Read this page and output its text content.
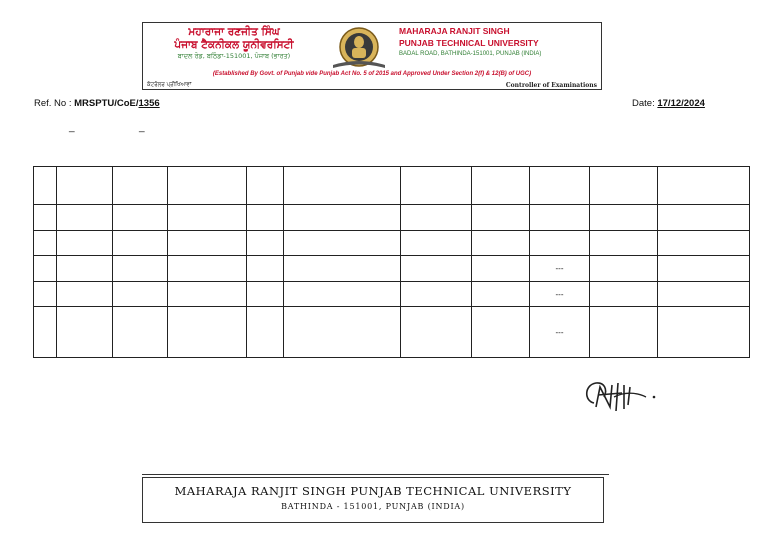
ਮਹਾਰਾਜਾ ਰਣਜੀਤ ਸਿੰਘ
ਪੰਜਾਬ ਟੈਕਨੀਕਲ ਯੂਨੀਵਰਸਿਟੀ
ਬਾਦਲ ਰੋਡ, ਬਠਿੰਡਾ-151001, ਪੰਜਾਬ (ਭਾਰਤ)
MAHARAJA RANJIT SINGH
PUNJAB TECHNICAL UNIVERSITY
BADAL ROAD, BATHINDA-151001, PUNJAB (INDIA)
(Established By Govt. of Punjab vide Punjab Act No. 5 of 2015 and Approved Under Section 2(f) & 12(B) of UGC)
ਕੰਟਰੋਲਰ ਪ੍ਰੀਖਿਆਵਾਂ	Controller of Examinations
Ref. No : MRSPTU/CoE/1356	Date: 17/12/2024
_	_

								---		
								---		
								---		
MAHARAJA RANJIT SINGH PUNJAB TECHNICAL UNIVERSITY
BATHINDA - 151001, PUNJAB (INDIA)
